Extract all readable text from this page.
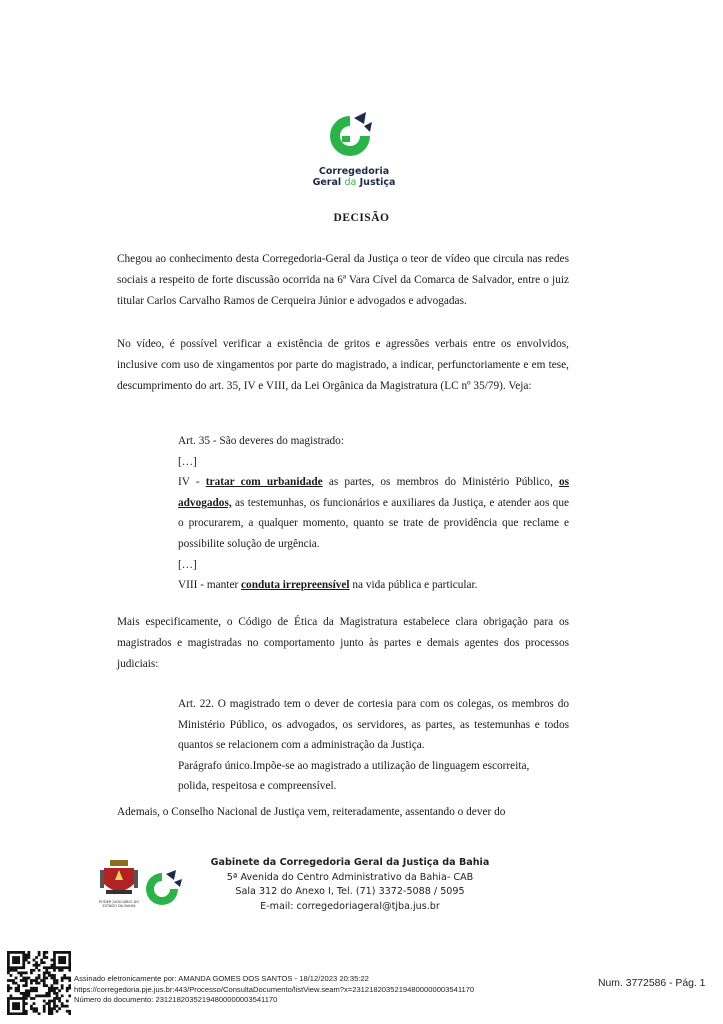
Corregedoria
Geral da Justiça
DECISÃO
Chegou ao conhecimento desta Corregedoria-Geral da Justiça o teor de vídeo que circula nas redes sociais a respeito de forte discussão ocorrida na 6ª Vara Cível da Comarca de Salvador, entre o juiz titular Carlos Carvalho Ramos de Cerqueira Júnior e advogados e advogadas.
No vídeo, é possível verificar a existência de gritos e agressões verbais entre os envolvidos, inclusive com uso de xingamentos por parte do magistrado, a indicar, perfunctoriamente e em tese, descumprimento do art. 35, IV e VIII, da Lei Orgânica da Magistratura (LC nº 35/79). Veja:
Art. 35 - São deveres do magistrado:
[…]
IV - tratar com urbanidade as partes, os membros do Ministério Público, os advogados, as testemunhas, os funcionários e auxiliares da Justiça, e atender aos que o procurarem, a qualquer momento, quanto se trate de providência que reclame e possibilite solução de urgência.
[…]
VIII - manter conduta irrepreensível na vida pública e particular.
Mais especificamente, o Código de Ética da Magistratura estabelece clara obrigação para os magistrados e magistradas no comportamento junto às partes e demais agentes dos processos judiciais:
Art. 22. O magistrado tem o dever de cortesia para com os colegas, os membros do Ministério Público, os advogados, os servidores, as partes, as testemunhas e todos quantos se relacionem com a administração da Justiça.
Parágrafo único.Impõe-se ao magistrado a utilização de linguagem escorreita,
polida, respeitosa e compreensível.
Ademais, o Conselho Nacional de Justiça vem, reiteradamente, assentando o dever do
PODER JUDICIÁRIO DO ESTADO DA BAHIA
Gabinete da Corregedoria Geral da Justiça da Bahia
5ª Avenida do Centro Administrativo da Bahia- CAB
Sala 312 do Anexo I, Tel. (71) 3372-5088 / 5095
E-mail: corregedoriageral@tjba.jus.br
Assinado eletronicamente por: AMANDA GOMES DOS SANTOS - 18/12/2023 20:35:22
https://corregedoria.pje.jus.br:443/Processo/ConsultaDocumento/listView.seam?x=23121820352194800000003541170
Número do documento: 23121820352194800000003541170
Num. 3772586 - Pág. 1
